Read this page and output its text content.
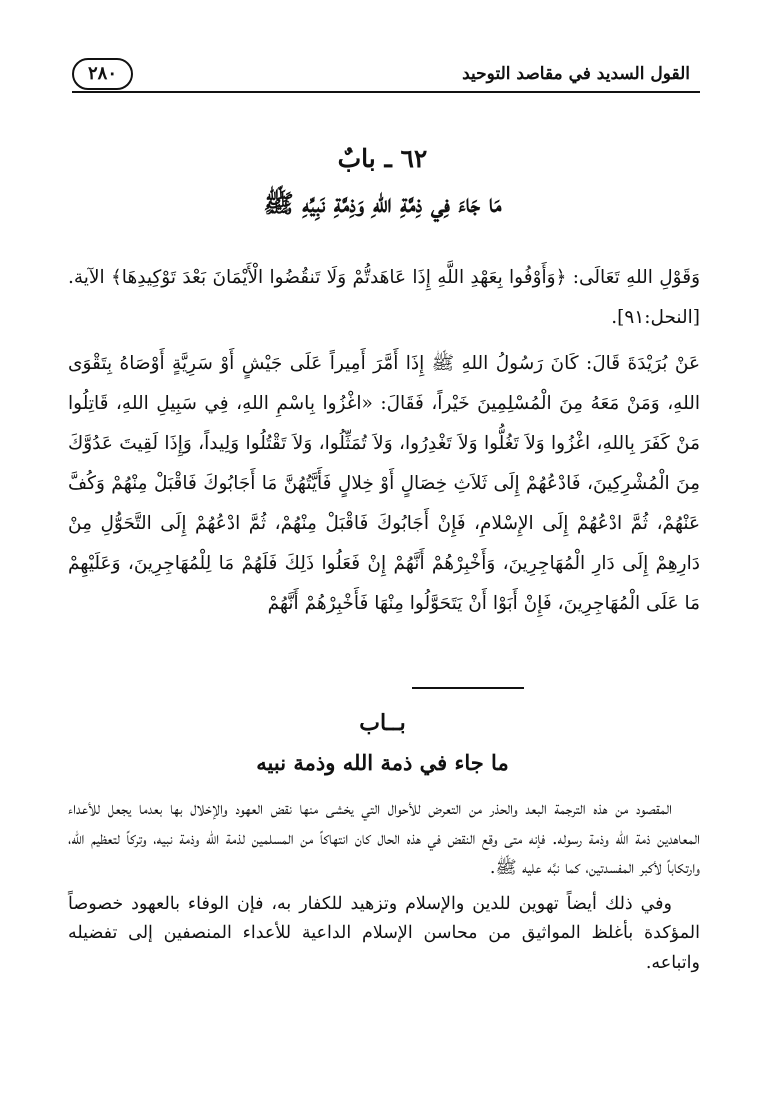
٢٨٠	القول السديد في مقاصد التوحيد
٦٢ ـ بابٌ
مَا جَاءَ فِي ذِمَّةِ اللهِ وَذِمَّةِ نَبِيِّهِ ﷺ

وَقَوْلِ اللهِ تَعَالَى: ﴿وَأَوْفُوا بِعَهْدِ اللَّهِ إِذَا عَاهَدتُّمْ وَلَا تَنقُضُوا الْأَيْمَانَ بَعْدَ تَوْكِيدِهَا﴾ الآية. [النحل:٩١].

عَنْ بُرَيْدَةَ قَالَ: كَانَ رَسُولُ اللهِ ﷺ إِذَا أَمَّرَ أَمِيراً عَلَى جَيْشٍ أَوْ سَرِيَّةٍ أَوْصَاهُ بِتَقْوَى اللهِ، وَمَنْ مَعَهُ مِنَ الْمُسْلِمِينَ خَيْراً، فَقَالَ: «اغْزُوا بِاسْمِ اللهِ، فِي سَبِيلِ اللهِ، قَاتِلُوا مَنْ كَفَرَ بِاللهِ، اغْزُوا وَلاَ تَغُلُّوا وَلاَ تَغْدِرُوا، وَلاَ تُمَثِّلُوا، وَلاَ تَقْتُلُوا وَلِيداً، وَإِذَا لَقِيتَ عَدُوَّكَ مِنَ الْمُشْرِكِينَ، فَادْعُهُمْ إِلَى ثَلاَثِ خِصَالٍ أَوْ خِلالٍ فَأَيَّتُهُنَّ مَا أَجَابُوكَ فَاقْبَلْ مِنْهُمْ وَكُفَّ عَنْهُمْ، ثُمَّ ادْعُهُمْ إِلَى الإِسْلامِ، فَإِنْ أَجَابُوكَ فَاقْبَلْ مِنْهُمْ، ثُمَّ ادْعُهُمْ إِلَى التَّحَوُّلِ مِنْ دَارِهِمْ إِلَى دَارِ الْمُهَاجِرِينَ، وَأَخْبِرْهُمْ أَنَّهُمْ إِنْ فَعَلُوا ذَلِكَ فَلَهُمْ مَا لِلْمُهَاجِرِينَ، وَعَلَيْهِمْ مَا عَلَى الْمُهَاجِرِينَ، فَإِنْ أَبَوْا أَنْ يَتَحَوَّلُوا مِنْهَا فَأَخْبِرْهُمْ أَنَّهُمْ

بــاب
ما جاء في ذمة الله وذمة نبيه

المقصود من هذه الترجمة البعد والحذر من التعرض للأحوال التي يخشى منها نقض العهود والإخلال بها بعدما يجعل للأعداء المعاهدين ذمة الله وذمة رسوله. فإنه متى وقع النقض في هذه الحال كان انتهاكاً من المسلمين لذمة الله وذمة نبيه، وتركاً لتعظيم الله، وارتكاباً لأكبر المفسدتين، كما نبَّه عليه ﷺ.

وفي ذلك أيضاً تهوين للدين والإسلام وتزهيد للكفار به، فإن الوفاء بالعهود خصوصاً المؤكدة بأغلظ المواثيق من محاسن الإسلام الداعية للأعداء المنصفين إلى تفضيله واتباعه.
